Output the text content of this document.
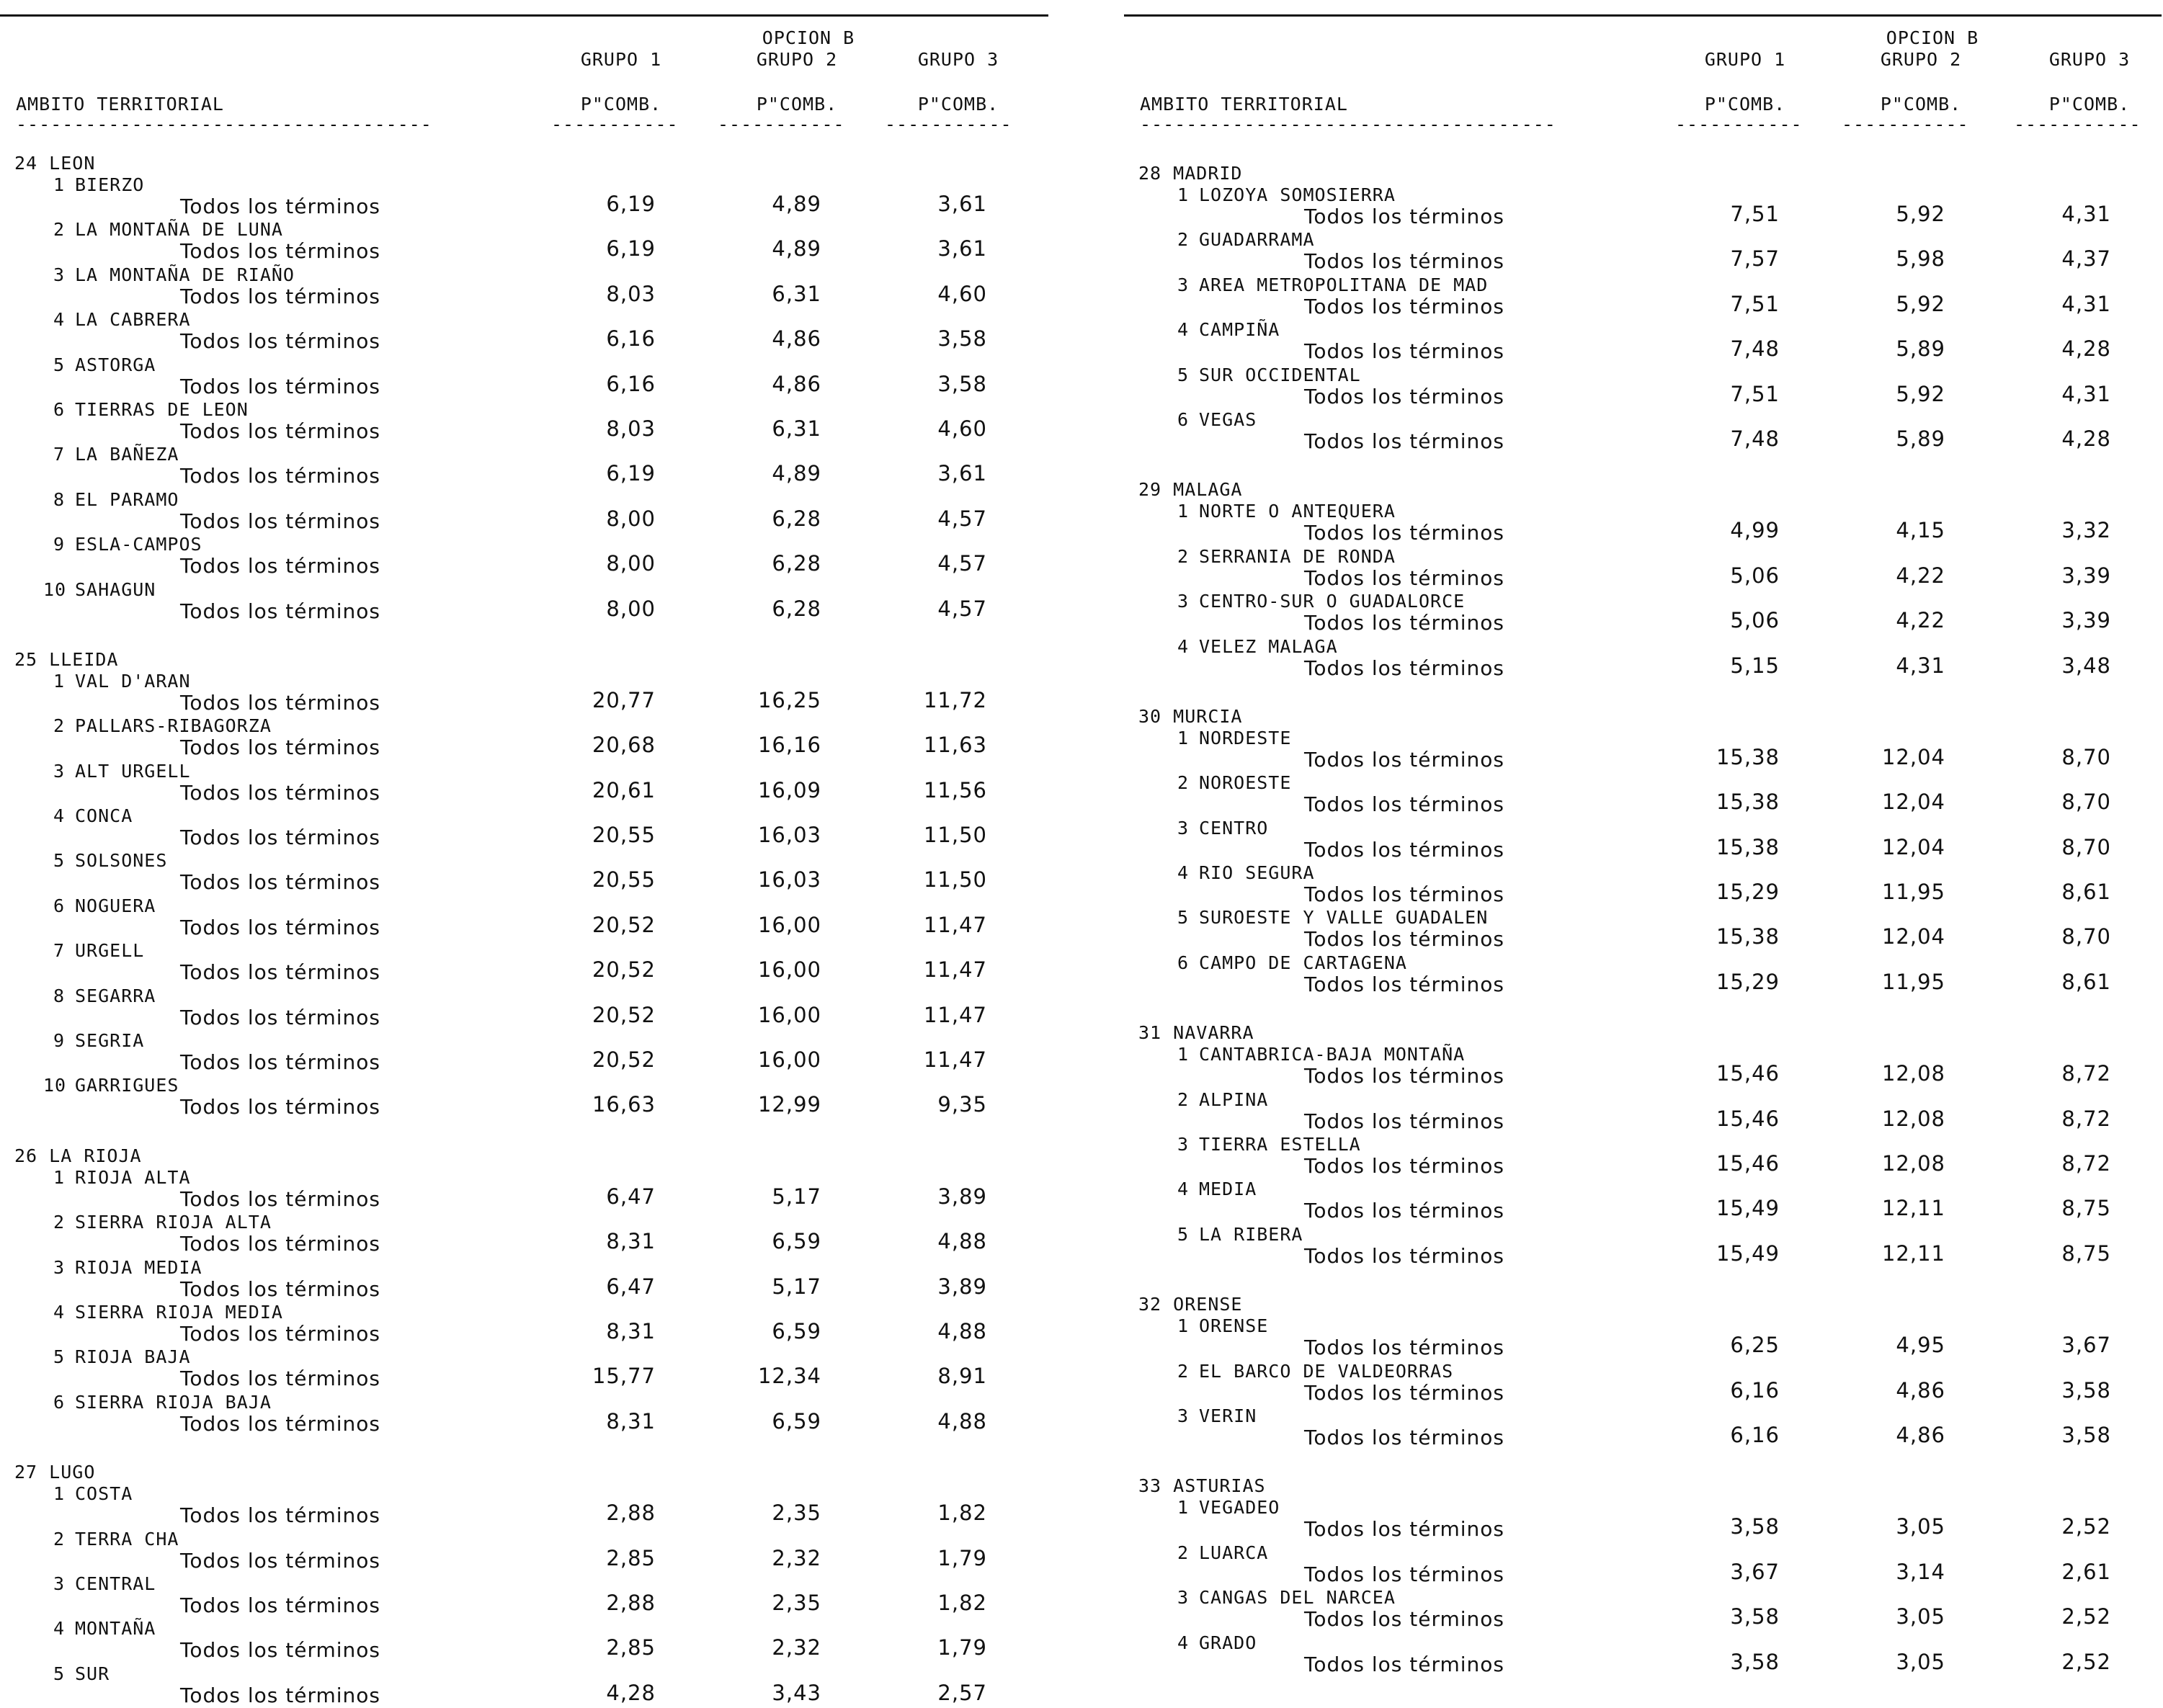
OPCION B
GRUPO 1	GRUPO 2	GRUPO 3
AMBITO TERRITORIAL	P"COMB.	P"COMB.	P"COMB.
------------------------------------	-----------	-----------	-----------
24 LEON
1 BIERZO
Todos los términos	6,19	4,89	3,61
2 LA MONTAÑA DE LUNA
Todos los términos	6,19	4,89	3,61
3 LA MONTAÑA DE RIAÑO
Todos los términos	8,03	6,31	4,60
4 LA CABRERA
Todos los términos	6,16	4,86	3,58
5 ASTORGA
Todos los términos	6,16	4,86	3,58
6 TIERRAS DE LEON
Todos los términos	8,03	6,31	4,60
7 LA BAÑEZA
Todos los términos	6,19	4,89	3,61
8 EL PARAMO
Todos los términos	8,00	6,28	4,57
9 ESLA-CAMPOS
Todos los términos	8,00	6,28	4,57
10 SAHAGUN
Todos los términos	8,00	6,28	4,57
25 LLEIDA
1 VAL D'ARAN
Todos los términos	20,77	16,25	11,72
2 PALLARS-RIBAGORZA
Todos los términos	20,68	16,16	11,63
3 ALT URGELL
Todos los términos	20,61	16,09	11,56
4 CONCA
Todos los términos	20,55	16,03	11,50
5 SOLSONES
Todos los términos	20,55	16,03	11,50
6 NOGUERA
Todos los términos	20,52	16,00	11,47
7 URGELL
Todos los términos	20,52	16,00	11,47
8 SEGARRA
Todos los términos	20,52	16,00	11,47
9 SEGRIA
Todos los términos	20,52	16,00	11,47
10 GARRIGUES
Todos los términos	16,63	12,99	9,35
26 LA RIOJA
1 RIOJA ALTA
Todos los términos	6,47	5,17	3,89
2 SIERRA RIOJA ALTA
Todos los términos	8,31	6,59	4,88
3 RIOJA MEDIA
Todos los términos	6,47	5,17	3,89
4 SIERRA RIOJA MEDIA
Todos los términos	8,31	6,59	4,88
5 RIOJA BAJA
Todos los términos	15,77	12,34	8,91
6 SIERRA RIOJA BAJA
Todos los términos	8,31	6,59	4,88
27 LUGO
1 COSTA
Todos los términos	2,88	2,35	1,82
2 TERRA CHA
Todos los términos	2,85	2,32	1,79
3 CENTRAL
Todos los términos	2,88	2,35	1,82
4 MONTAÑA
Todos los términos	2,85	2,32	1,79
5 SUR
Todos los términos	4,28	3,43	2,57
OPCION B
GRUPO 1	GRUPO 2	GRUPO 3
AMBITO TERRITORIAL	P"COMB.	P"COMB.	P"COMB.
------------------------------------	-----------	-----------	-----------
28 MADRID
1 LOZOYA SOMOSIERRA
Todos los términos	7,51	5,92	4,31
2 GUADARRAMA
Todos los términos	7,57	5,98	4,37
3 AREA METROPOLITANA DE MAD
Todos los términos	7,51	5,92	4,31
4 CAMPIÑA
Todos los términos	7,48	5,89	4,28
5 SUR OCCIDENTAL
Todos los términos	7,51	5,92	4,31
6 VEGAS
Todos los términos	7,48	5,89	4,28
29 MALAGA
1 NORTE O ANTEQUERA
Todos los términos	4,99	4,15	3,32
2 SERRANIA DE RONDA
Todos los términos	5,06	4,22	3,39
3 CENTRO-SUR O GUADALORCE
Todos los términos	5,06	4,22	3,39
4 VELEZ MALAGA
Todos los términos	5,15	4,31	3,48
30 MURCIA
1 NORDESTE
Todos los términos	15,38	12,04	8,70
2 NOROESTE
Todos los términos	15,38	12,04	8,70
3 CENTRO
Todos los términos	15,38	12,04	8,70
4 RIO SEGURA
Todos los términos	15,29	11,95	8,61
5 SUROESTE Y VALLE GUADALEN
Todos los términos	15,38	12,04	8,70
6 CAMPO DE CARTAGENA
Todos los términos	15,29	11,95	8,61
31 NAVARRA
1 CANTABRICA-BAJA MONTAÑA
Todos los términos	15,46	12,08	8,72
2 ALPINA
Todos los términos	15,46	12,08	8,72
3 TIERRA ESTELLA
Todos los términos	15,46	12,08	8,72
4 MEDIA
Todos los términos	15,49	12,11	8,75
5 LA RIBERA
Todos los términos	15,49	12,11	8,75
32 ORENSE
1 ORENSE
Todos los términos	6,25	4,95	3,67
2 EL BARCO DE VALDEORRAS
Todos los términos	6,16	4,86	3,58
3 VERIN
Todos los términos	6,16	4,86	3,58
33 ASTURIAS
1 VEGADEO
Todos los términos	3,58	3,05	2,52
2 LUARCA
Todos los términos	3,67	3,14	2,61
3 CANGAS DEL NARCEA
Todos los términos	3,58	3,05	2,52
4 GRADO
Todos los términos	3,58	3,05	2,52
